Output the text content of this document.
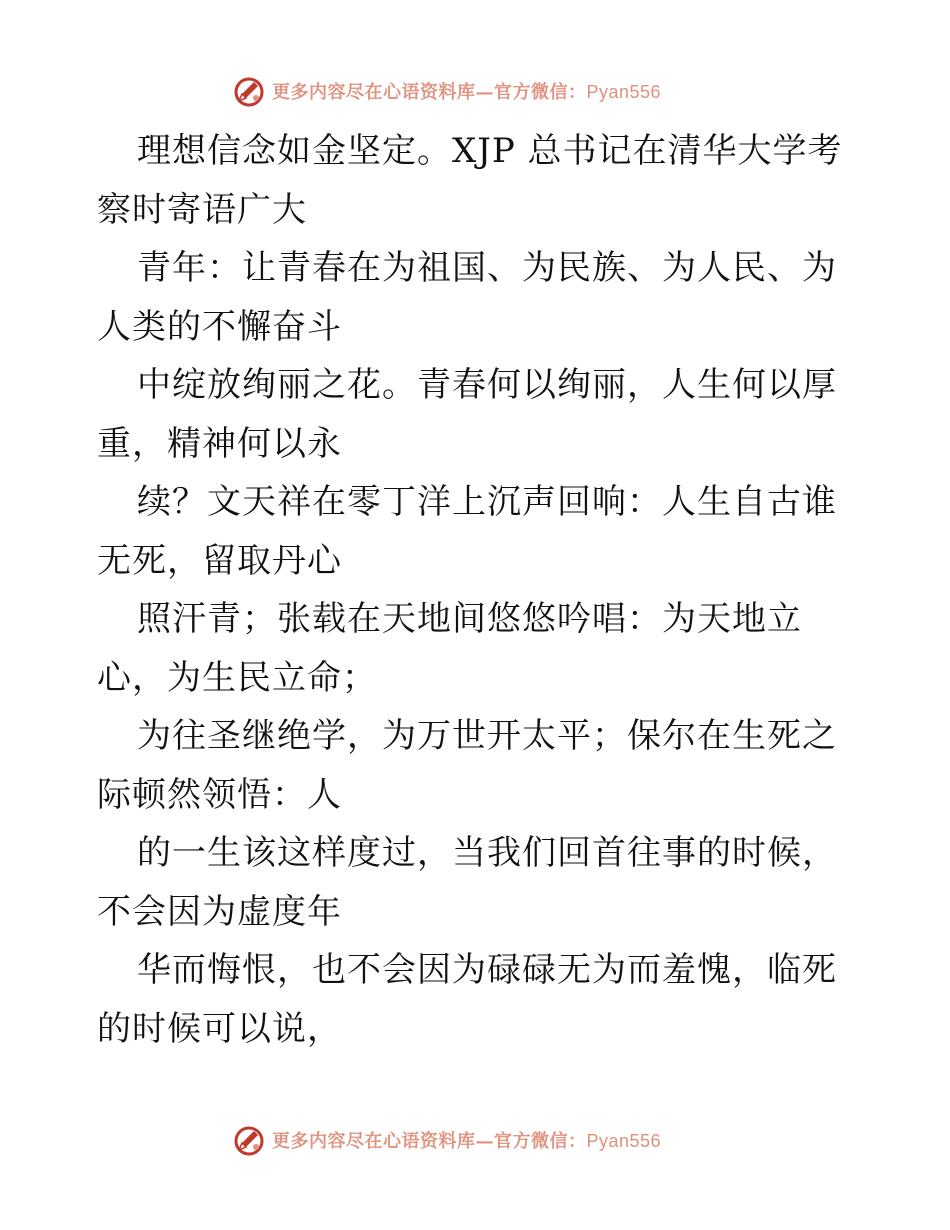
更多内容尽在心语资料库—官方微信：Pyan556

理想信念如金坚定。XJP 总书记在清华大学考察时寄语广大

青年：让青春在为祖国、为民族、为人民、为人类的不懈奋斗

中绽放绚丽之花。青春何以绚丽，人生何以厚重，精神何以永

续？文天祥在零丁洋上沉声回响：人生自古谁无死，留取丹心

照汗青；张载在天地间悠悠吟唱：为天地立心，为生民立命；

为往圣继绝学，为万世开太平；保尔在生死之际顿然领悟：人

的一生该这样度过，当我们回首往事的时候，不会因为虚度年

华而悔恨，也不会因为碌碌无为而羞愧，临死的时候可以说，

更多内容尽在心语资料库—官方微信：Pyan556
